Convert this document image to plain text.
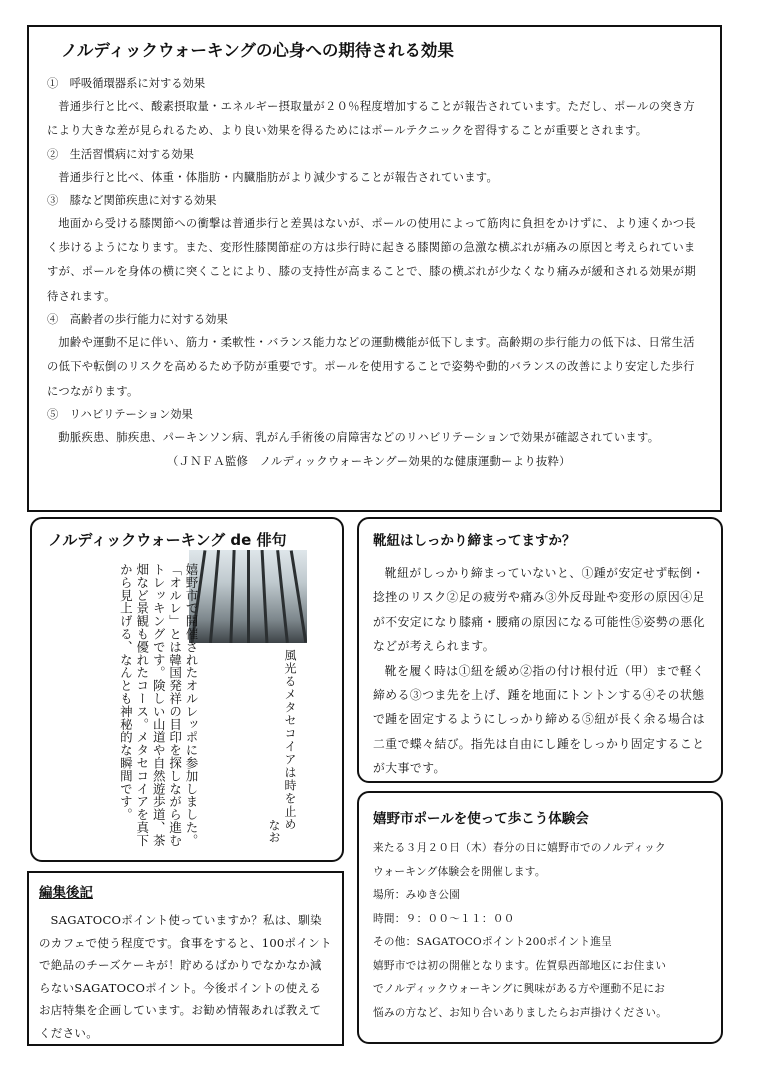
ノルディックウォーキングの心身への期待される効果
①　呼吸循環器系に対する効果
普通歩行と比べ、酸素摂取量・エネルギー摂取量が２０％程度増加することが報告されています。ただし、ポールの突き方により大きな差が見られるため、より良い効果を得るためにはポールテクニックを習得することが重要とされます。
②　生活習慣病に対する効果
普通歩行と比べ、体重・体脂肪・内臓脂肪がより減少することが報告されています。
③　膝など関節疾患に対する効果
地面から受ける膝関節への衝撃は普通歩行と差異はないが、ポールの使用によって筋肉に負担をかけずに、より速くかつ長く歩けるようになります。また、変形性膝関節症の方は歩行時に起きる膝関節の急激な横ぶれが痛みの原因と考えられていますが、ポールを身体の横に突くことにより、膝の支持性が高まることで、膝の横ぶれが少なくなり痛みが緩和される効果が期待されます。
④　高齢者の歩行能力に対する効果
加齢や運動不足に伴い、筋力・柔軟性・バランス能力などの運動機能が低下します。高齢期の歩行能力の低下は、日常生活の低下や転倒のリスクを高めるため予防が重要です。ポールを使用することで姿勢や動的バランスの改善により安定した歩行につながります。
⑤　リハビリテーション効果
動脈疾患、肺疾患、パーキンソン病、乳がん手術後の肩障害などのリハビリテーションで効果が確認されています。（ＪＮＦＡ監修　ノルディックウォーキングー効果的な健康運動ーより抜粋）
ノルディックウォーキング de 俳句
嬉野市で開催されたオルレッポに参加しました。「オルレ」とは韓国発祥の目印を探しながら進むトレッキングです。険しい山道や自然遊歩道、茶畑など景観も優れたコース。メタセコイアを真下から見上げる、なんとも神秘的な瞬間です。	風光るメタセコイアは時を止め
なお
靴紐はしっかり締まってますか？
靴紐がしっかり締まっていないと、①踵が安定せず転倒・捻挫のリスク②足の疲労や痛み③外反母趾や変形の原因④足が不安定になり膝痛・腰痛の原因になる可能性⑤姿勢の悪化などが考えられます。
靴を履く時は①紐を緩め②指の付け根付近（甲）まで軽く締める③つま先を上げ、踵を地面にトントンする④その状態で踵を固定するようにしっかり締める⑤紐が長く余る場合は二重で蝶々結び。指先は自由にし踵をしっかり固定することが大事です。
嬉野市ポールを使って歩こう体験会
来たる３月２０日（木）春分の日に嬉野市でのノルディック
ウォーキング体験会を開催します。
場所：みゆき公園
時間：９：００〜１１：００
その他：SAGATOCOポイント200ポイント進呈
嬉野市では初の開催となります。佐賀県西部地区にお住まい
でノルディックウォーキングに興味がある方や運動不足にお
悩みの方など、お知り合いありましたらお声掛けください。
編集後記
SAGATOCOポイント使っていますか？私は、馴染のカフェで使う程度です。食事をすると、100ポイントで絶品のチーズケーキが！貯めるばかりでなかなか減らないSAGATOCOポイント。今後ポイントの使えるお店特集を企画しています。お勧め情報あれば教えてください。
